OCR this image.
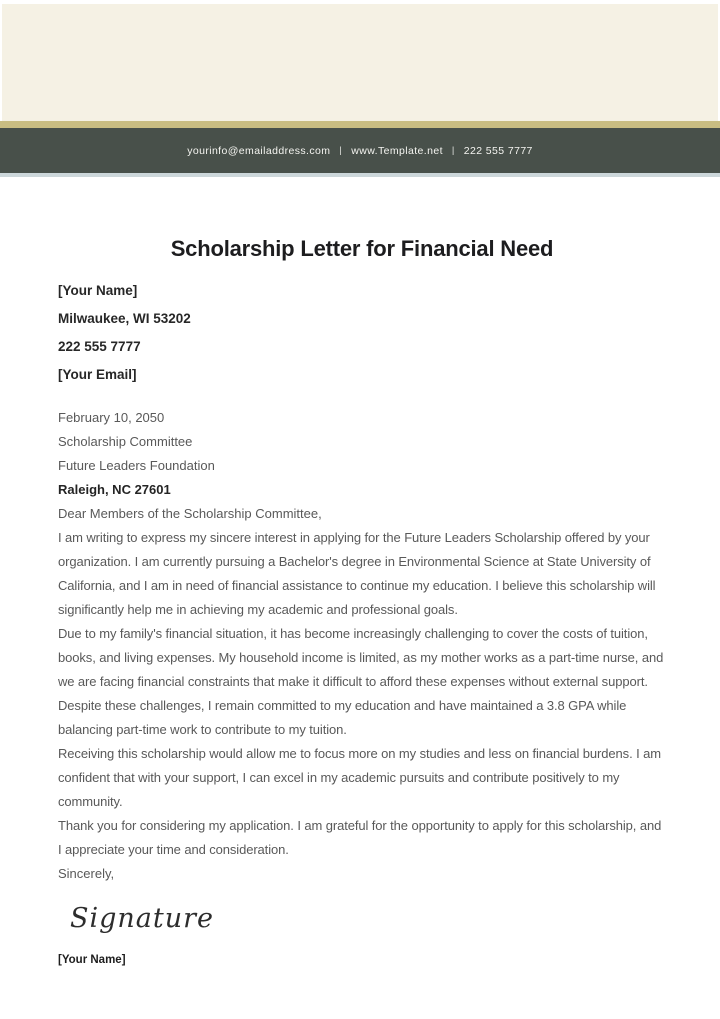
yourinfo@emailaddress.com | www.Template.net | 222 555 7777
Scholarship Letter for Financial Need

[Your Name]

Milwaukee, WI 53202

222 555 7777

[Your Email]

February 10, 2050

Scholarship Committee

Future Leaders Foundation

Raleigh, NC 27601

Dear Members of the Scholarship Committee,

I am writing to express my sincere interest in applying for the Future Leaders Scholarship offered by your organization. I am currently pursuing a Bachelor's degree in Environmental Science at State University of California, and I am in need of financial assistance to continue my education. I believe this scholarship will significantly help me in achieving my academic and professional goals.

Due to my family's financial situation, it has become increasingly challenging to cover the costs of tuition, books, and living expenses. My household income is limited, as my mother works as a part-time nurse, and we are facing financial constraints that make it difficult to afford these expenses without external support. Despite these challenges, I remain committed to my education and have maintained a 3.8 GPA while balancing part-time work to contribute to my tuition.

Receiving this scholarship would allow me to focus more on my studies and less on financial burdens. I am confident that with your support, I can excel in my academic pursuits and contribute positively to my community.

Thank you for considering my application. I am grateful for the opportunity to apply for this scholarship, and I appreciate your time and consideration.

Sincerely,

Signature

[Your Name]
